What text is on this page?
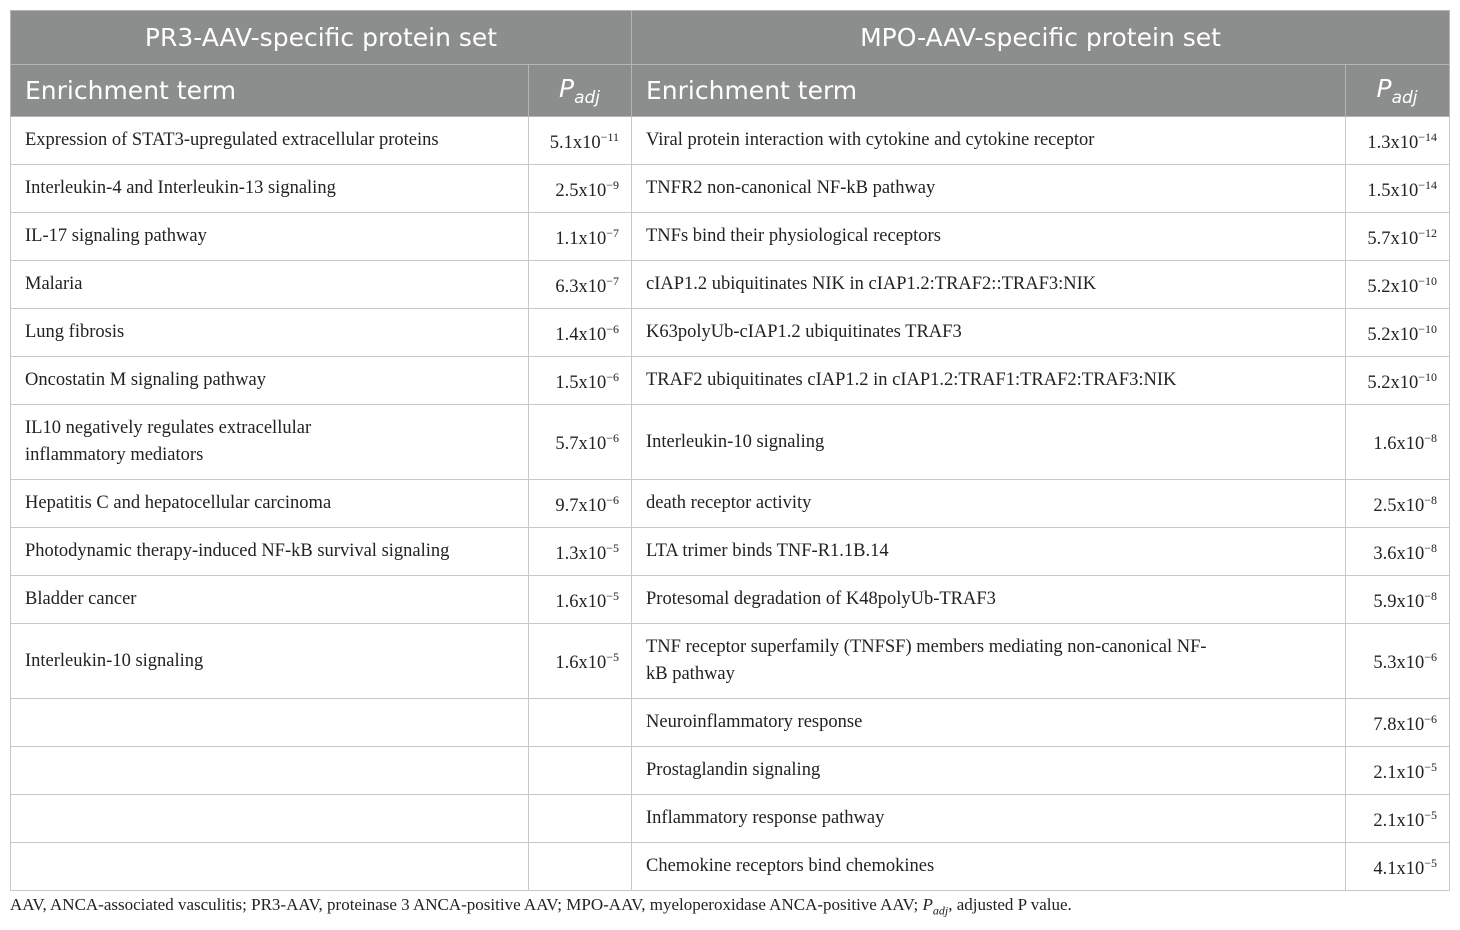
PR3-AAV-specific protein set		MPO-AAV-specific protein set	
Enrichment term	$P_{adj}$	Enrichment term	$P_{adj}$
Expression of STAT3-upregulated extracellular proteins	$5.1x10^{-11}$	Viral protein interaction with cytokine and cytokine receptor	$1.3x10^{-14}$
Interleukin-4 and Interleukin-13 signaling	$2.5x10^{-9}$	TNFR2 non-canonical NF-kB pathway	$1.5x10^{-14}$
IL-17 signaling pathway	$1.1x10^{-7}$	TNFs bind their physiological receptors	$5.7x10^{-12}$
Malaria	$6.3x10^{-7}$	cIAP1.2 ubiquitinates NIK in cIAP1.2:TRAF2::TRAF3:NIK	$5.2x10^{-10}$
Lung fibrosis	$1.4x10^{-6}$	K63polyUb-cIAP1.2 ubiquitinates TRAF3	$5.2x10^{-10}$
Oncostatin M signaling pathway	$1.5x10^{-6}$	TRAF2 ubiquitinates cIAP1.2 in cIAP1.2:TRAF1:TRAF2:TRAF3:NIK	$5.2x10^{-10}$
IL10 negatively regulates extracellular
inflammatory mediators	$5.7x10^{-6}$	Interleukin-10 signaling	$1.6x10^{-8}$
Hepatitis C and hepatocellular carcinoma	$9.7x10^{-6}$	death receptor activity	$2.5x10^{-8}$
Photodynamic therapy-induced NF-kB survival signaling	$1.3x10^{-5}$	LTA trimer binds TNF-R1.1B.14	$3.6x10^{-8}$
Bladder cancer	$1.6x10^{-5}$	Protesomal degradation of K48polyUb-TRAF3	$5.9x10^{-8}$
Interleukin-10 signaling	$1.6x10^{-5}$	TNF receptor superfamily (TNFSF) members mediating non-canonical NF-
kB pathway	$5.3x10^{-6}$
		Neuroinflammatory response	$7.8x10^{-6}$
		Prostaglandin signaling	$2.1x10^{-5}$
		Inflammatory response pathway	$2.1x10^{-5}$
		Chemokine receptors bind chemokines	$4.1x10^{-5}$
AAV, ANCA-associated vasculitis; PR3-AAV, proteinase 3 ANCA-positive AAV; MPO-AAV, myeloperoxidase ANCA-positive AAV; $P_{adj}$, adjusted P value.
